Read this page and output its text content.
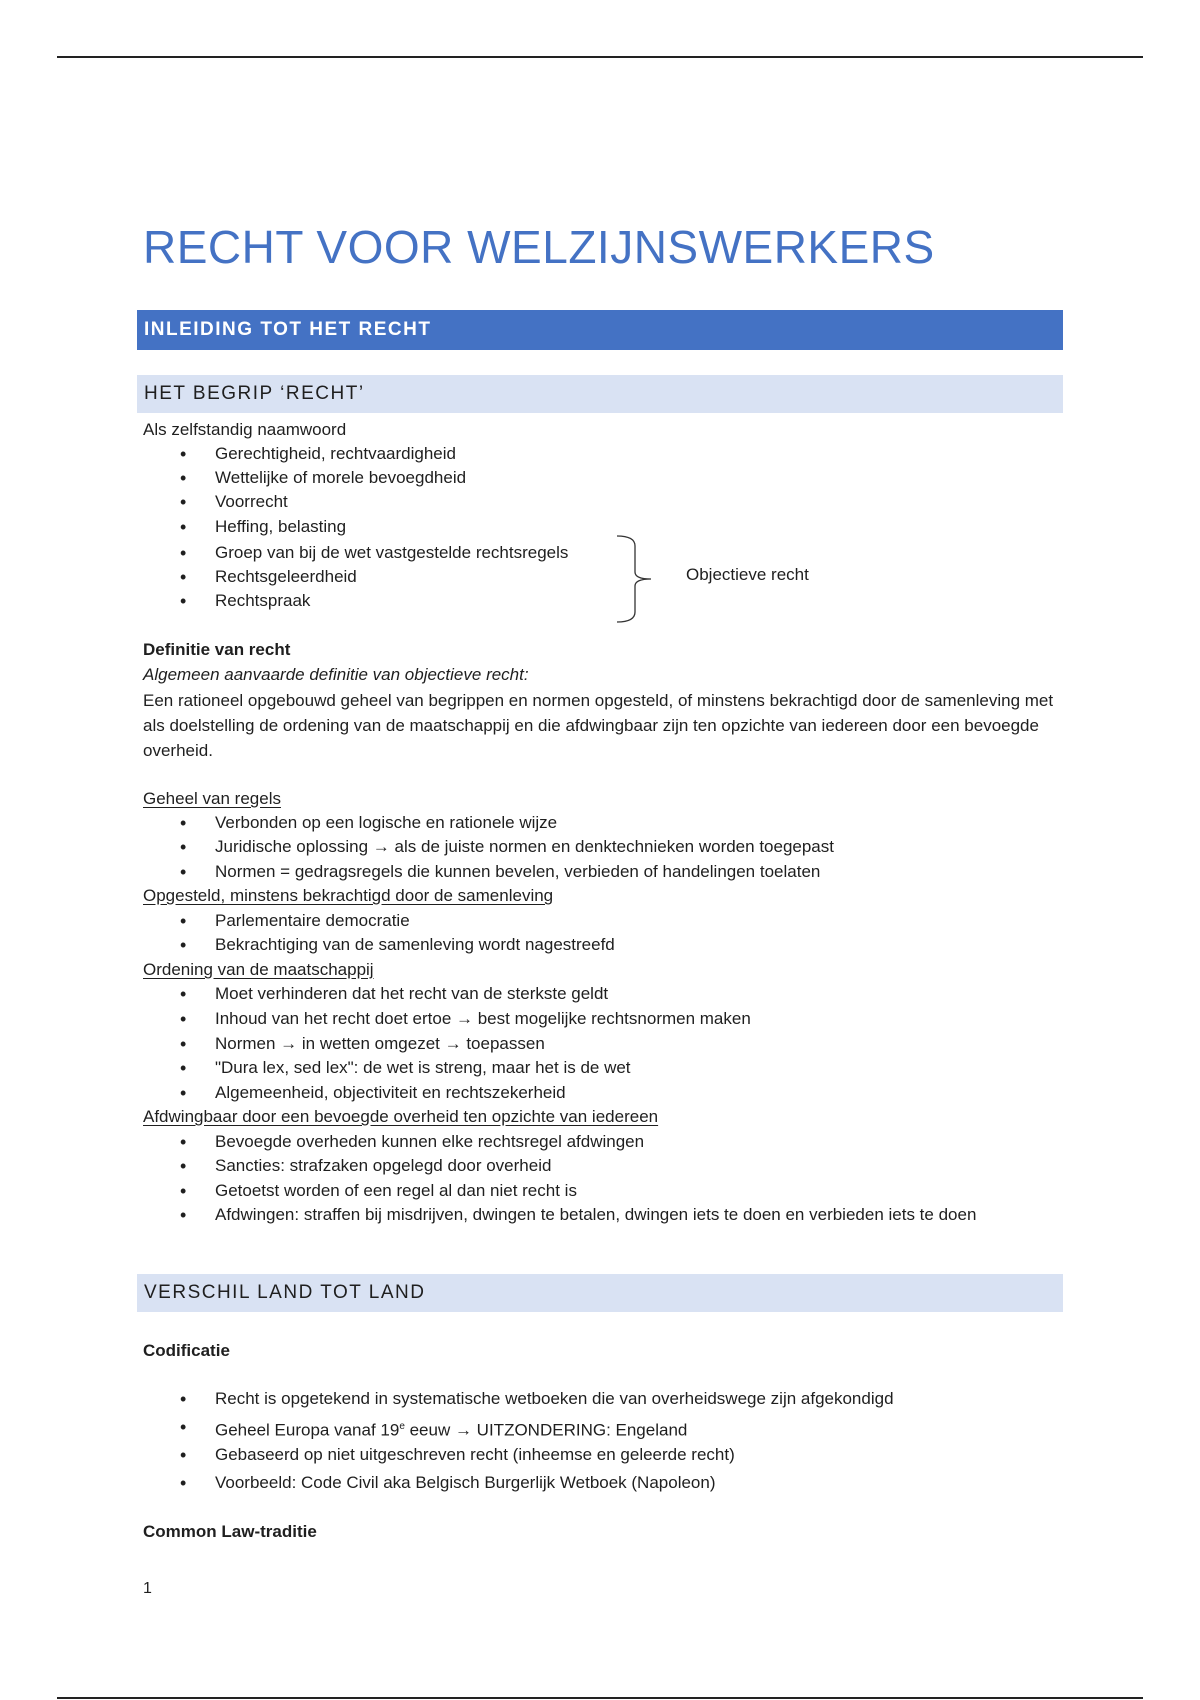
RECHT VOOR WELZIJNSWERKERS
INLEIDING TOT HET RECHT
HET BEGRIP ‘RECHT’
Als zelfstandig naamwoord
• Gerechtigheid, rechtvaardigheid
• Wettelijke of morele bevoegdheid
• Voorrecht
• Heffing, belasting
• Groep van bij de wet vastgestelde rechtsregels
• Rechtsgeleerdheid
• Rechtspraak
Objectieve recht
Definitie van recht
Algemeen aanvaarde definitie van objectieve recht:
Een rationeel opgebouwd geheel van begrippen en normen opgesteld, of minstens bekrachtigd door de samenleving met als doelstelling de ordening van de maatschappij en die afdwingbaar zijn ten opzichte van iedereen door een bevoegde overheid.
Geheel van regels
• Verbonden op een logische en rationele wijze
• Juridische oplossing → als de juiste normen en denktechnieken worden toegepast
• Normen = gedragsregels die kunnen bevelen, verbieden of handelingen toelaten
Opgesteld, minstens bekrachtigd door de samenleving
• Parlementaire democratie
• Bekrachtiging van de samenleving wordt nagestreefd
Ordening van de maatschappij
• Moet verhinderen dat het recht van de sterkste geldt
• Inhoud van het recht doet ertoe → best mogelijke rechtsnormen maken
• Normen → in wetten omgezet → toepassen
• "Dura lex, sed lex": de wet is streng, maar het is de wet
• Algemeenheid, objectiviteit en rechtszekerheid
Afdwingbaar door een bevoegde overheid ten opzichte van iedereen
• Bevoegde overheden kunnen elke rechtsregel afdwingen
• Sancties: strafzaken opgelegd door overheid
• Getoetst worden of een regel al dan niet recht is
• Afdwingen: straffen bij misdrijven, dwingen te betalen, dwingen iets te doen en verbieden iets te doen
VERSCHIL LAND TOT LAND
Codificatie
• Recht is opgetekend in systematische wetboeken die van overheidswege zijn afgekondigd
• Geheel Europa vanaf 19e eeuw → UITZONDERING: Engeland
• Gebaseerd op niet uitgeschreven recht (inheemse en geleerde recht)
• Voorbeeld: Code Civil aka Belgisch Burgerlijk Wetboek (Napoleon)
Common Law-traditie
1
